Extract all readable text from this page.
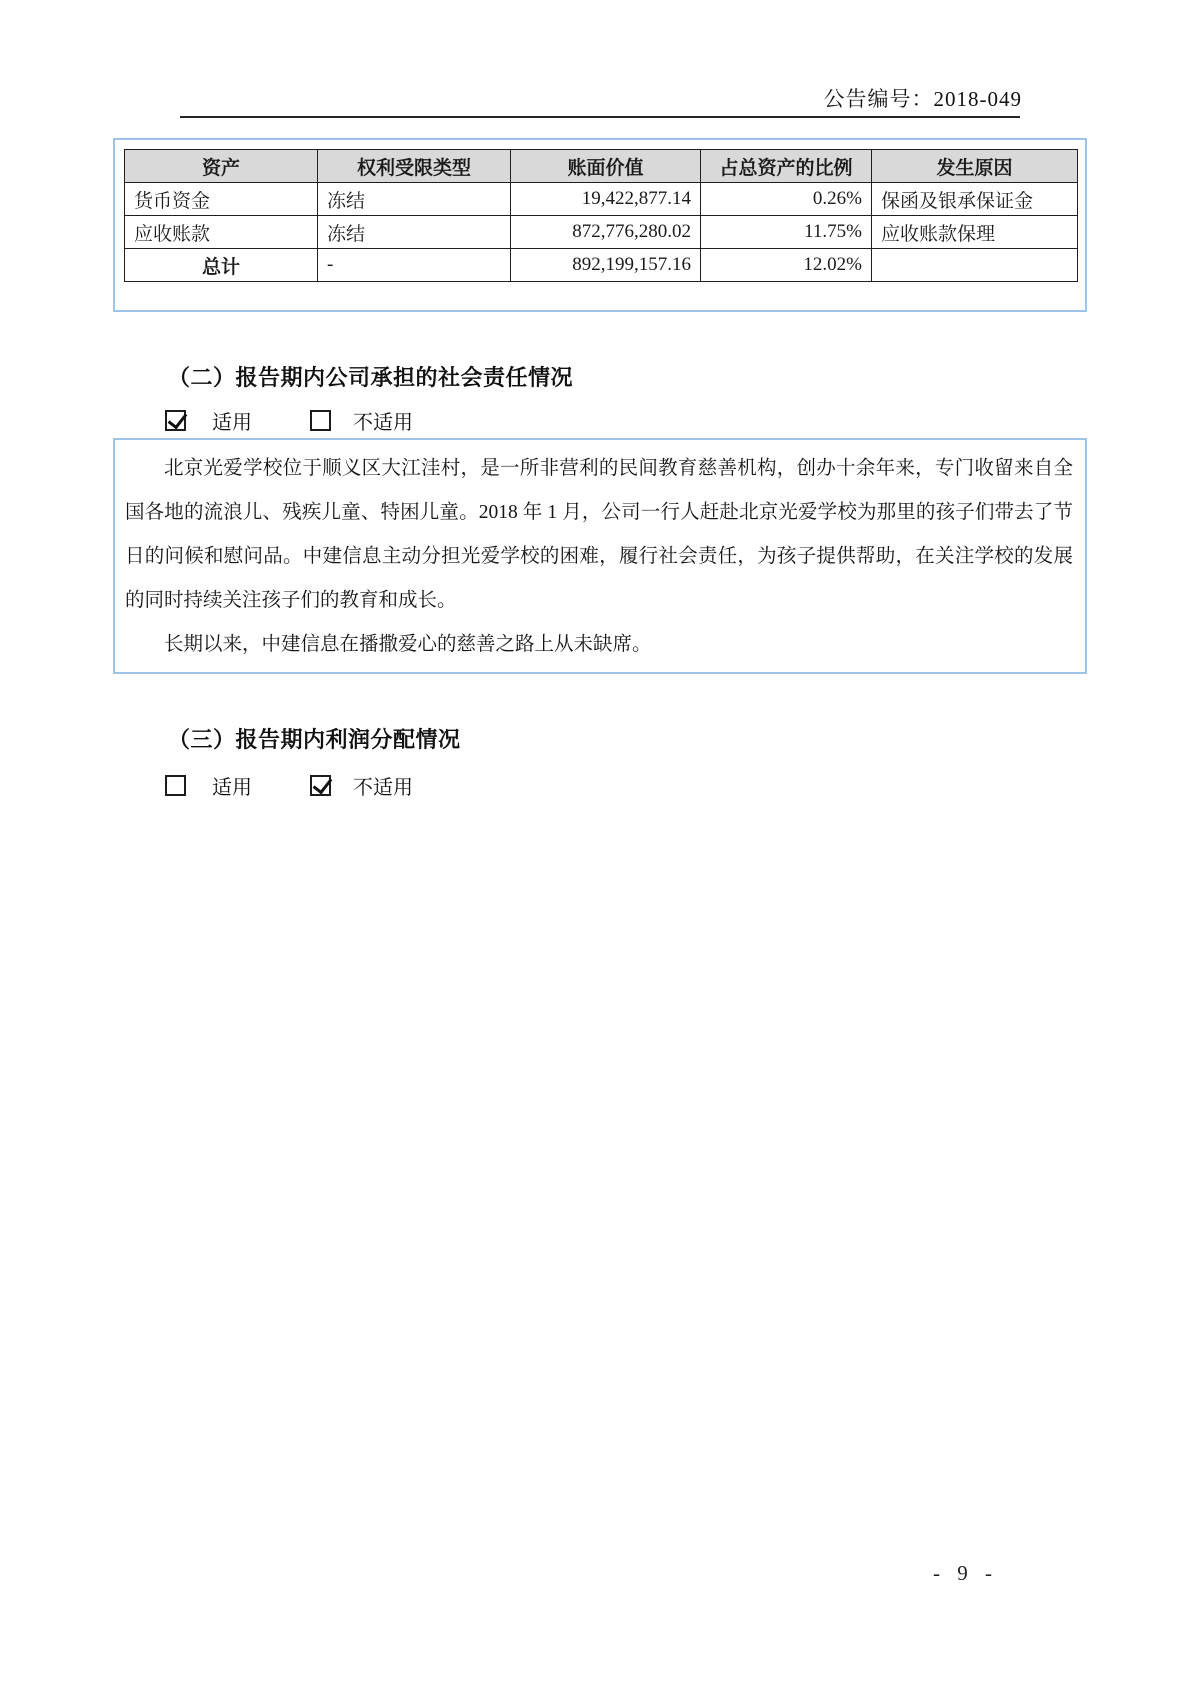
公告编号：2018-049
资产	权利受限类型	账面价值	占总资产的比例	发生原因
货币资金	冻结	19,422,877.14	0.26%	保函及银承保证金
应收账款	冻结	872,776,280.02	11.75%	应收账款保理
总计	-	892,199,157.16	12.02%	
（二）报告期内公司承担的社会责任情况
适用	不适用

北京光爱学校位于顺义区大江洼村，是一所非营利的民间教育慈善机构，创办十余年来，专门收留来自全国各地的流浪儿、残疾儿童、特困儿童。2018 年 1 月，公司一行人赶赴北京光爱学校为那里的孩子们带去了节日的问候和慰问品。中建信息主动分担光爱学校的困难，履行社会责任，为孩子提供帮助，在关注学校的发展的同时持续关注孩子们的教育和成长。

长期以来，中建信息在播撒爱心的慈善之路上从未缺席。

（三）报告期内利润分配情况
适用	不适用
- 9 -
